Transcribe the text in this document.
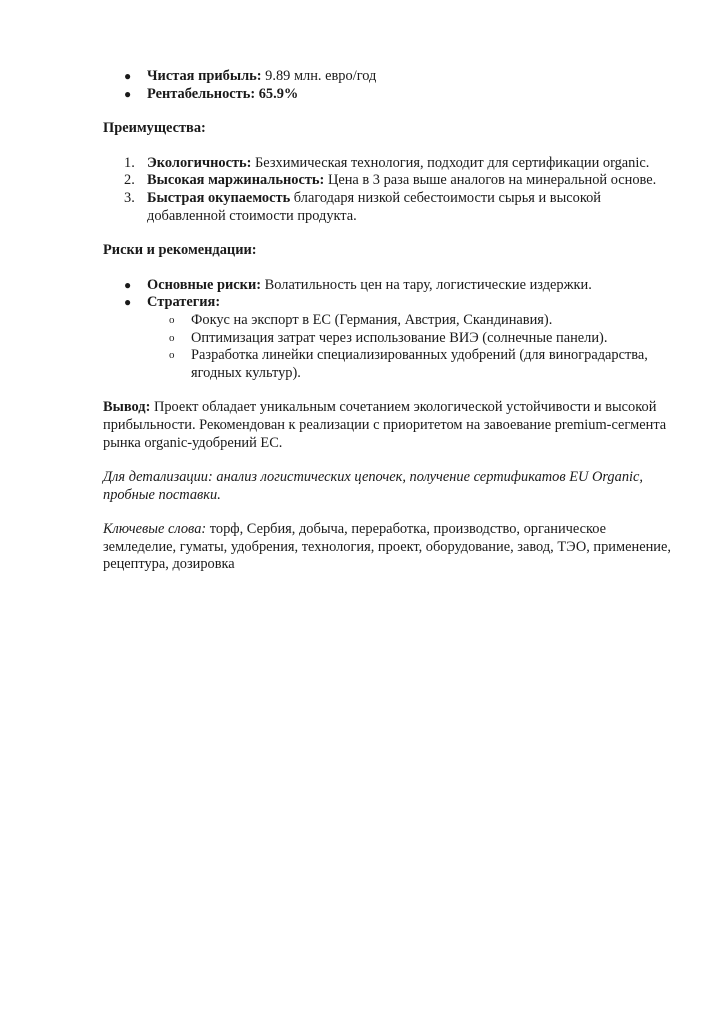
● Чистая прибыль: 9.89 млн. евро/год
● Рентабельность: 65.9%
Преимущества:
1. Экологичность: Безхимическая технология, подходит для сертификации organic.
2. Высокая маржинальность: Цена в 3 раза выше аналогов на минеральной основе.
3. Быстрая окупаемость благодаря низкой себестоимости сырья и высокой добавленной стоимости продукта.
Риски и рекомендации:
● Основные риски: Волатильность цен на тару, логистические издержки.
● Стратегия:
o Фокус на экспорт в ЕС (Германия, Австрия, Скандинавия).
o Оптимизация затрат через использование ВИЭ (солнечные панели).
o Разработка линейки специализированных удобрений (для виноградарства, ягодных культур).

Вывод: Проект обладает уникальным сочетанием экологической устойчивости и высокой прибыльности. Рекомендован к реализации с приоритетом на завоевание premium-сегмента рынка organic-удобрений ЕС.

Для детализации: анализ логистических цепочек, получение сертификатов EU Organic, пробные поставки.

Ключевые слова: торф, Сербия, добыча, переработка, производство, органическое земледелие, гуматы, удобрения, технология, проект, оборудование, завод, ТЭО, применение, рецептура, дозировка
